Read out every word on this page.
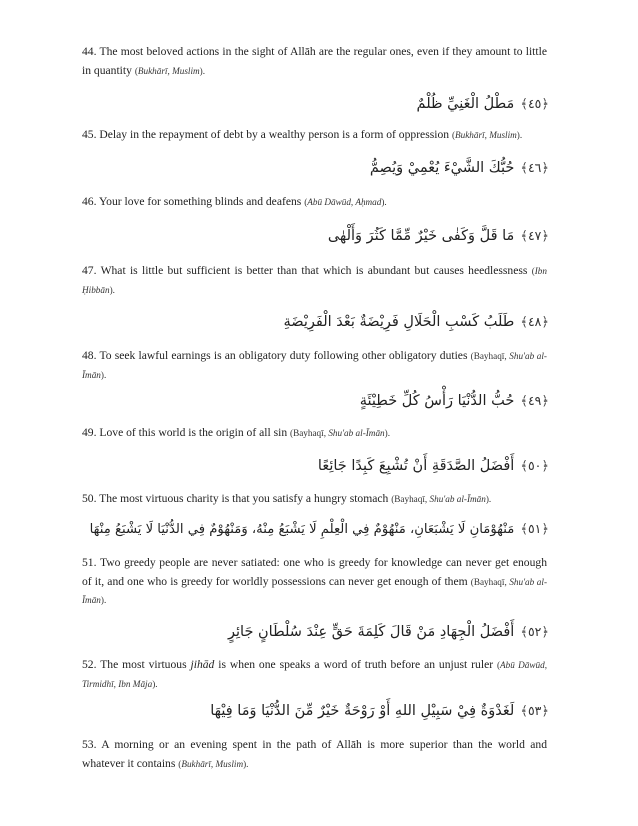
44. The most beloved actions in the sight of Allāh are the regular ones, even if they amount to little in quantity (Bukhārī, Muslim).

﴿٤٥﴾مَطْلُ الْغَنِيِّ ظُلْمٌ

45. Delay in the repayment of debt by a wealthy person is a form of oppression (Bukhārī, Muslim).

﴿٤٦﴾حُبُّكَ الشَّيْءَ يُعْمِيْ وَيُصِمُّ

46. Your love for something blinds and deafens (Abū Dāwūd, Aḥmad).

﴿٤٧﴾مَا قَلَّ وَكَفٰى خَيْرٌ مِّمَّا كَثُرَ وَأَلْهٰى

47. What is little but sufficient is better than that which is abundant but causes heedlessness (Ibn Ḥibbān).

﴿٤٨﴾طَلَبُ كَسْبِ الْحَلَالِ فَرِيْضَةٌ بَعْدَ الْفَرِيْضَةِ

48. To seek lawful earnings is an obligatory duty following other obligatory duties (Bayhaqī, Shu'ab al-Īmān).

﴿٤٩﴾حُبُّ الدُّنْيَا رَأْسُ كُلِّ خَطِيْئَةٍ

49. Love of this world is the origin of all sin (Bayhaqī, Shu'ab al-Īmān).

﴿٥٠﴾أَفْضَلُ الصَّدَقَةِ أَنْ تُشْبِعَ كَبِدًا جَائِعًا

50. The most virtuous charity is that you satisfy a hungry stomach (Bayhaqī, Shu'ab al-Īmān).

﴿٥١﴾مَنْهُوْمَانِ لَا يَشْبَعَانِ، مَنْهُوْمٌ فِي الْعِلْمِ لَا يَشْبَعُ مِنْهُ، وَمَنْهُوْمٌ فِي الدُّنْيَا لَا يَشْبَعُ مِنْهَا

51. Two greedy people are never satiated: one who is greedy for knowledge can never get enough of it, and one who is greedy for worldly possessions can never get enough of them (Bayhaqī, Shu'ab al-Īmān).

﴿٥٢﴾أَفْضَلُ الْجِهَادِ مَنْ قَالَ كَلِمَةَ حَقٍّ عِنْدَ سُلْطَانٍ جَائِرٍ

52. The most virtuous jihād is when one speaks a word of truth before an unjust ruler (Abū Dāwūd, Tirmidhī, Ibn Māja).

﴿٥٣﴾لَغَدْوَةٌ فِيْ سَبِيْلِ اللهِ أَوْ رَوْحَةٌ خَيْرٌ مِّنَ الدُّنْيَا وَمَا فِيْهَا

53. A morning or an evening spent in the path of Allāh is more superior than the world and whatever it contains (Bukhārī, Muslim).
